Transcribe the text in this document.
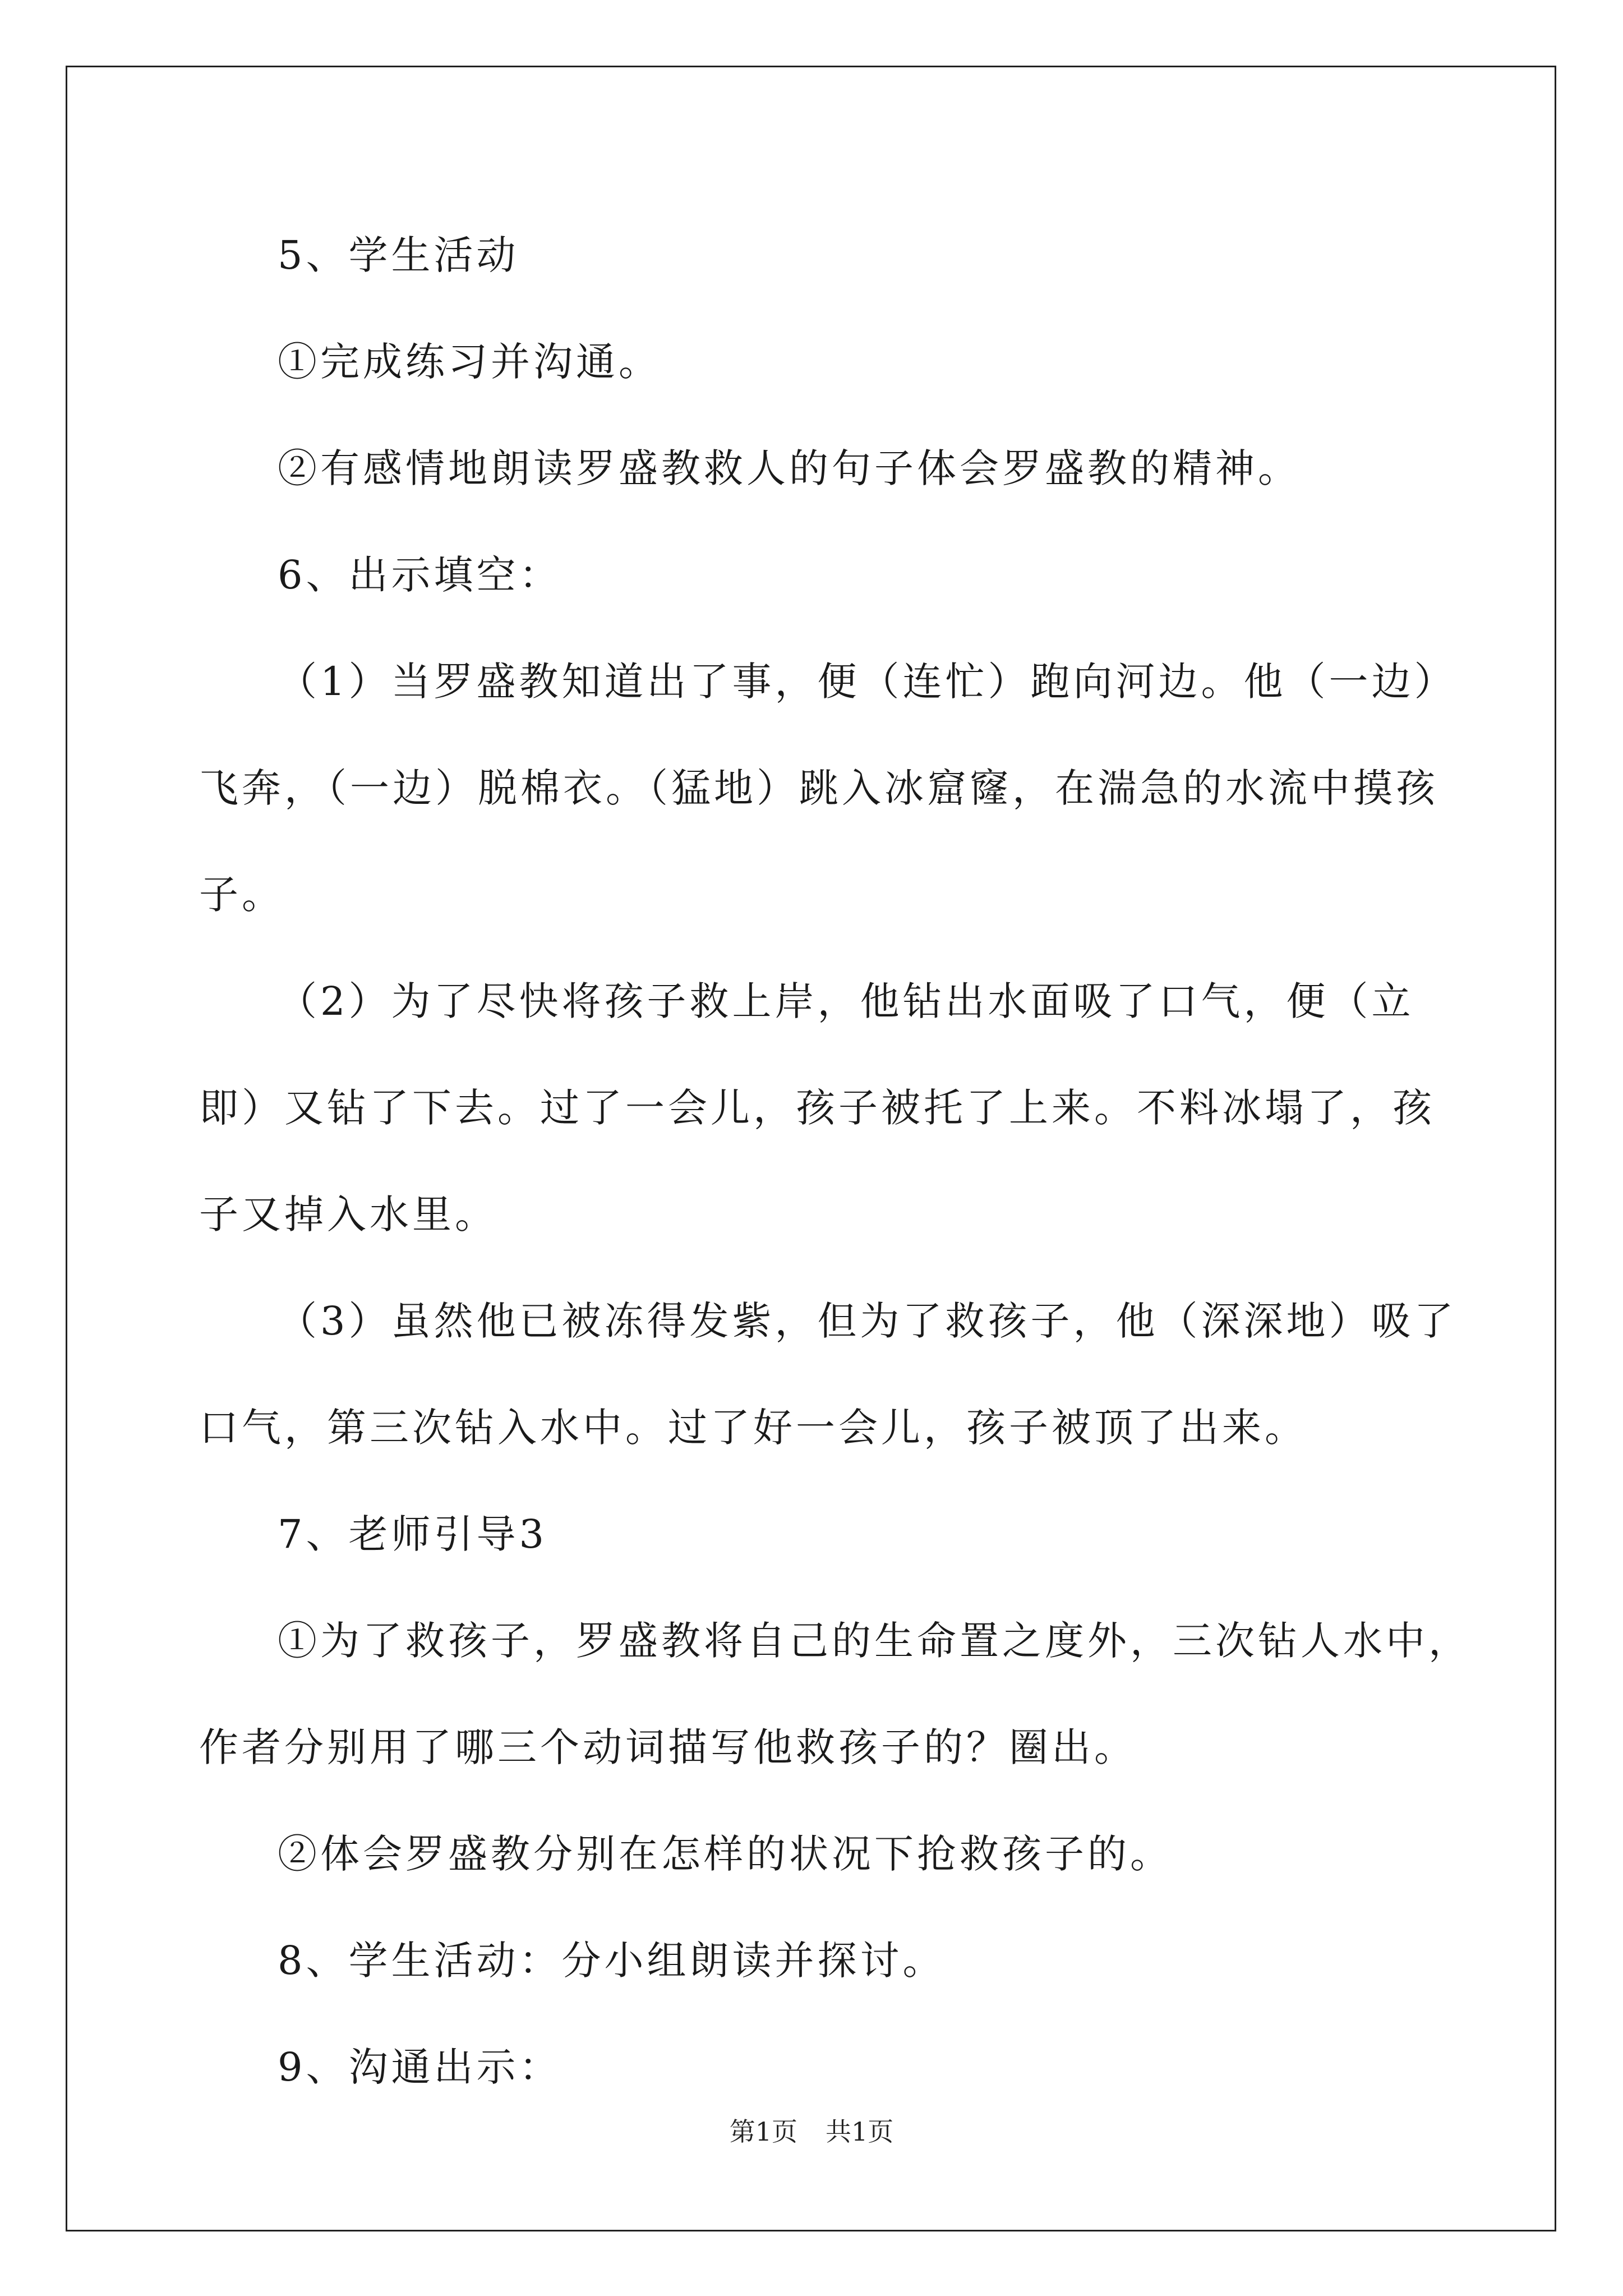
5、学生活动

①完成练习并沟通。

②有感情地朗读罗盛教救人的句子体会罗盛教的精神。

6、出示填空：

（1）当罗盛教知道出了事，便（连忙）跑向河边。他（一边）飞奔，（一边）脱棉衣。（猛地）跳入冰窟窿，在湍急的水流中摸孩子。

（2）为了尽快将孩子救上岸，他钻出水面吸了口气，便（立即）又钻了下去。过了一会儿，孩子被托了上来。不料冰塌了，孩子又掉入水里。

（3）虽然他已被冻得发紫，但为了救孩子，他（深深地）吸了口气，第三次钻入水中。过了好一会儿，孩子被顶了出来。

7、老师引导3

①为了救孩子，罗盛教将自己的生命置之度外，三次钻人水中，作者分别用了哪三个动词描写他救孩子的？圈出。

②体会罗盛教分别在怎样的状况下抢救孩子的。

8、学生活动：分小组朗读并探讨。

9、沟通出示：

第1页 共1页
